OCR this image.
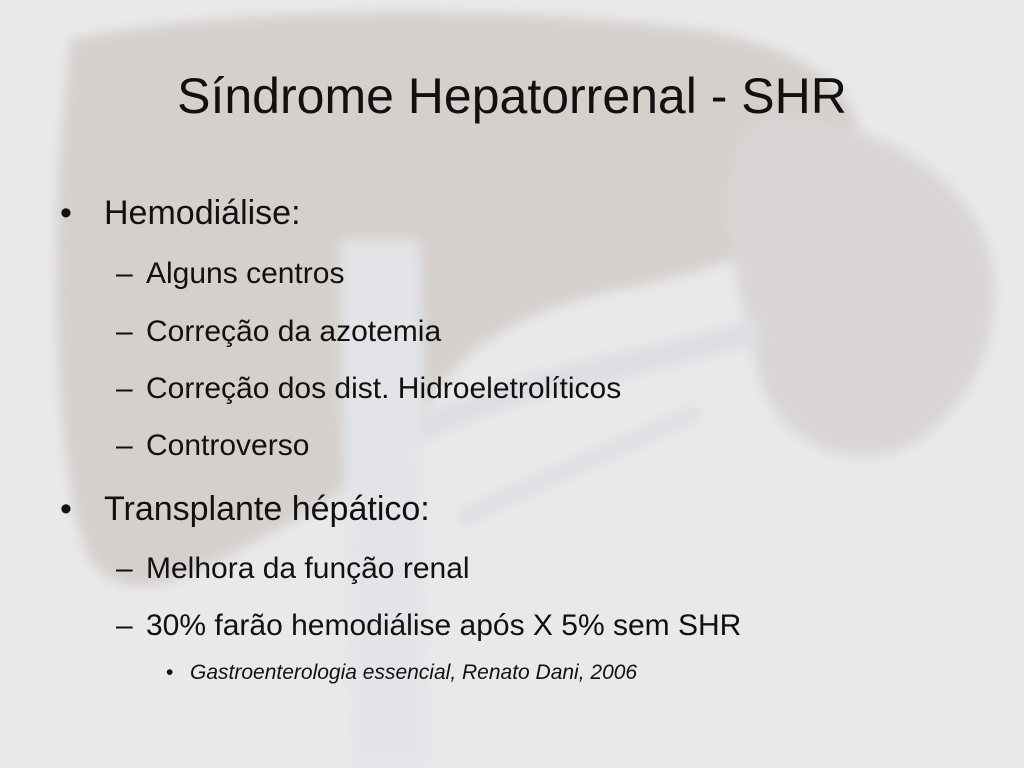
Síndrome Hepatorrenal - SHR
• Hemodiálise:
– Alguns centros
– Correção da azotemia
– Correção dos dist. Hidroeletrolíticos
– Controverso
• Transplante hépático:
– Melhora da função renal
– 30% farão hemodiálise após X 5% sem SHR
• Gastroenterologia essencial, Renato Dani, 2006
